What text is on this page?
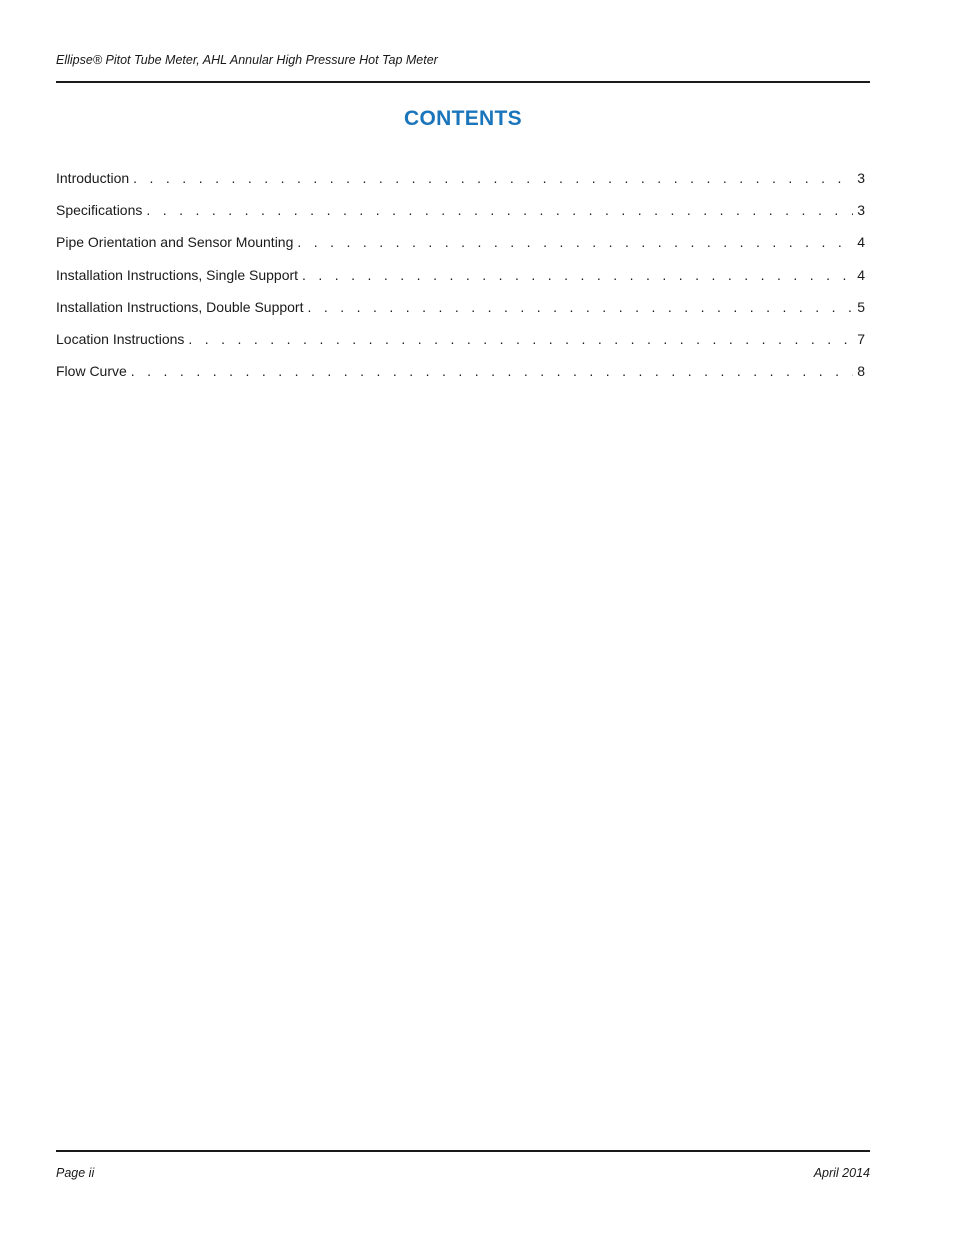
Ellipse® Pitot Tube Meter, AHL Annular High Pressure Hot Tap Meter
CONTENTS
Introduction . . .	3
Specifications . . .	3
Pipe Orientation and Sensor Mounting . . .	4
Installation Instructions, Single Support . . .	4
Installation Instructions, Double Support . . .	5
Location Instructions . . .	7
Flow Curve . . .	8
Page ii	April 2014
